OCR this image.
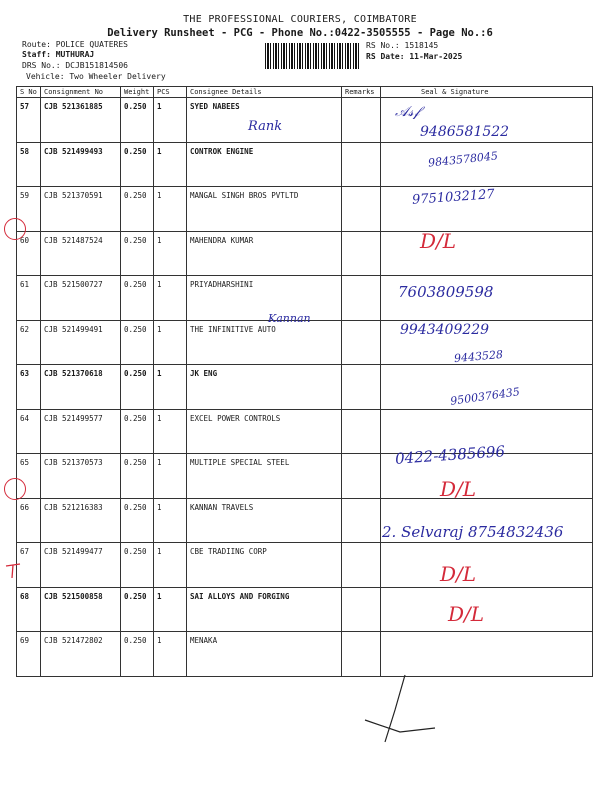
THE PROFESSIONAL COURIERS, COIMBATORE
Delivery Runsheet - PCG - Phone No.:0422-3505555 - Page No.:6
Route: POLICE QUATERES
Staff: MUTHURAJ
DRS No.: DCJB151814506
Vehicle: Two Wheeler Delivery
RS No.: 1518145
RS Date: 11-Mar-2025
S No	Consignment No	Weight	PCS	Consignee Details	Remarks	Seal & Signature
57	CJB 521361885	0.250	1	SYED NABEES		
58	CJB 521499493	0.250	1	CONTROK ENGINE		
59	CJB 521370591	0.250	1	MANGAL SINGH BROS PVTLTD		
60	CJB 521487524	0.250	1	MAHENDRA KUMAR		
61	CJB 521500727	0.250	1	PRIYADHARSHINI		
62	CJB 521499491	0.250	1	THE INFINITIVE AUTO		
63	CJB 521370618	0.250	1	JK ENG		
64	CJB 521499577	0.250	1	EXCEL POWER CONTROLS		
65	CJB 521370573	0.250	1	MULTIPLE SPECIAL STEEL		
66	CJB 521216383	0.250	1	KANNAN TRAVELS		
67	CJB 521499477	0.250	1	CBE TRADIING CORP		
68	CJB 521500858	0.250	1	SAI ALLOYS AND FORGING		
69	CJB 521472802	0.250	1	MENAKA		
Rank
𝒜𝓈𝒻
9486581522
9843578045
9751032127
D/L
7603809598
Kannan
9943409229
9443528
9500376435
0422-4385696
D/L
2. Selvaraj 8754832436
D/L
D/L
